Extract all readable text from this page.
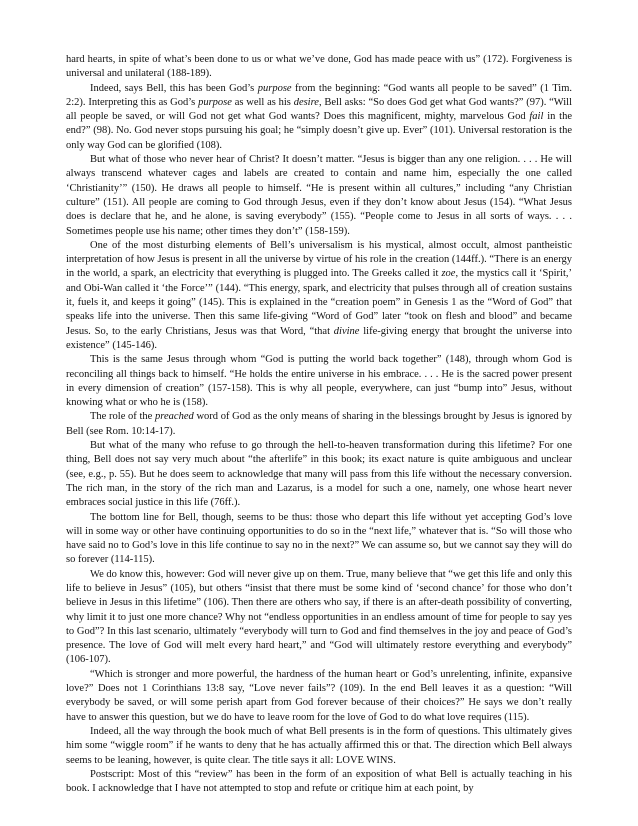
hard hearts, in spite of what’s been done to us or what we’ve done, God has made peace with us” (172). Forgiveness is universal and unilateral (188-189).

Indeed, says Bell, this has been God’s purpose from the beginning: “God wants all people to be saved” (1 Tim. 2:2). Interpreting this as God’s purpose as well as his desire, Bell asks: “So does God get what God wants?” (97). “Will all people be saved, or will God not get what God wants? Does this magnificent, mighty, marvelous God fail in the end?” (98). No. God never stops pursuing his goal; he “simply doesn’t give up. Ever” (101). Universal restoration is the only way God can be glorified (108).

But what of those who never hear of Christ? It doesn’t matter. “Jesus is bigger than any one religion. . . . He will always transcend whatever cages and labels are created to contain and name him, especially the one called ‘Christianity’” (150). He draws all people to himself. “He is present within all cultures,” including “any Christian culture” (151). All people are coming to God through Jesus, even if they don’t know about Jesus (154). “What Jesus does is declare that he, and he alone, is saving everybody” (155). “People come to Jesus in all sorts of ways. . . . Sometimes people use his name; other times they don’t” (158-159).

One of the most disturbing elements of Bell’s universalism is his mystical, almost occult, almost pantheistic interpretation of how Jesus is present in all the universe by virtue of his role in the creation (144ff.). “There is an energy in the world, a spark, an electricity that everything is plugged into. The Greeks called it zoe, the mystics call it ‘Spirit,’ and Obi-Wan called it ‘the Force’” (144). “This energy, spark, and electricity that pulses through all of creation sustains it, fuels it, and keeps it going” (145). This is explained in the “creation poem” in Genesis 1 as the “Word of God” that speaks life into the universe. Then this same life-giving “Word of God” later “took on flesh and blood” and became Jesus. So, to the early Christians, Jesus was that Word, “that divine life-giving energy that brought the universe into existence” (145-146).

This is the same Jesus through whom “God is putting the world back together” (148), through whom God is reconciling all things back to himself. “He holds the entire universe in his embrace. . . . He is the sacred power present in every dimension of creation” (157-158). This is why all people, everywhere, can just “bump into” Jesus, without knowing what or who he is (158).

The role of the preached word of God as the only means of sharing in the blessings brought by Jesus is ignored by Bell (see Rom. 10:14-17).

But what of the many who refuse to go through the hell-to-heaven transformation during this lifetime? For one thing, Bell does not say very much about “the afterlife” in this book; its exact nature is quite ambiguous and unclear (see, e.g., p. 55). But he does seem to acknowledge that many will pass from this life without the necessary conversion. The rich man, in the story of the rich man and Lazarus, is a model for such a one, namely, one whose heart never embraces social justice in this life (76ff.).

The bottom line for Bell, though, seems to be thus: those who depart this life without yet accepting God’s love will in some way or other have continuing opportunities to do so in the “next life,” whatever that is. “So will those who have said no to God’s love in this life continue to say no in the next?” We can assume so, but we cannot say they will do so forever (114-115).

We do know this, however: God will never give up on them. True, many believe that “we get this life and only this life to believe in Jesus” (105), but others “insist that there must be some kind of ‘second chance’ for those who don’t believe in Jesus in this lifetime” (106). Then there are others who say, if there is an after-death possibility of converting, why limit it to just one more chance? Why not “endless opportunities in an endless amount of time for people to say yes to God”? In this last scenario, ultimately “everybody will turn to God and find themselves in the joy and peace of God’s presence. The love of God will melt every hard heart,” and “God will ultimately restore everything and everybody” (106-107).

“Which is stronger and more powerful, the hardness of the human heart or God’s unrelenting, infinite, expansive love?” Does not 1 Corinthians 13:8 say, “Love never fails”? (109). In the end Bell leaves it as a question: “Will everybody be saved, or will some perish apart from God forever because of their choices?” He says we don’t really have to answer this question, but we do have to leave room for the love of God to do what love requires (115).

Indeed, all the way through the book much of what Bell presents is in the form of questions. This ultimately gives him some “wiggle room” if he wants to deny that he has actually affirmed this or that. The direction which Bell always seems to be leaning, however, is quite clear. The title says it all: LOVE WINS.

Postscript: Most of this “review” has been in the form of an exposition of what Bell is actually teaching in his book. I acknowledge that I have not attempted to stop and refute or critique him at each point, by
